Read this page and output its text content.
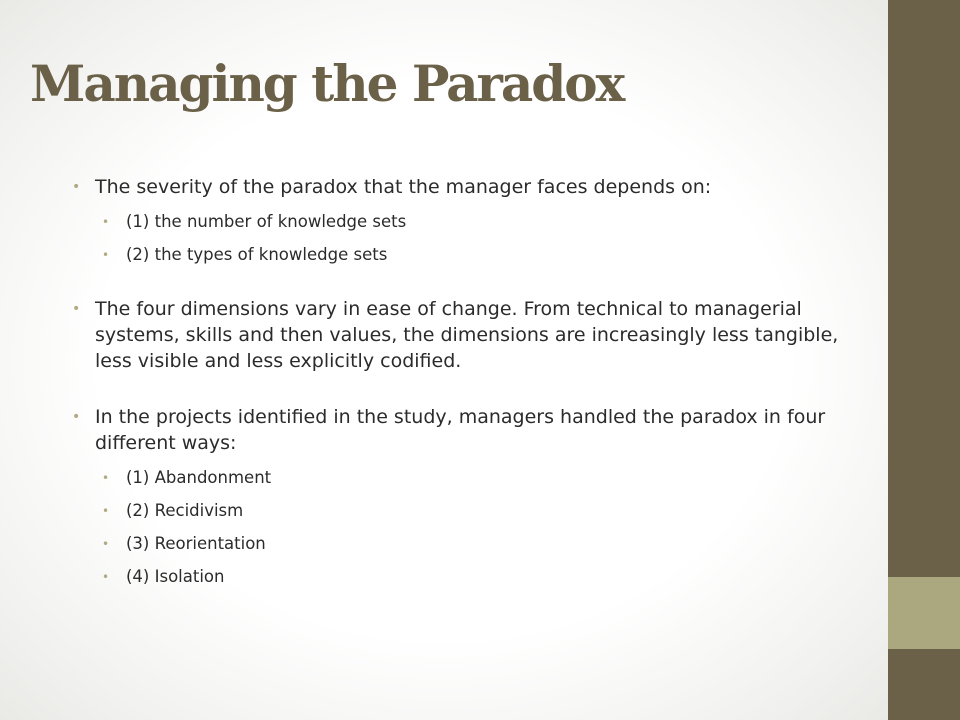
Managing the Paradox

• The severity of the paradox that the manager faces depends on:

• (1) the number of knowledge sets

• (2) the types of knowledge sets

• The four dimensions vary in ease of change. From technical to managerial systems, skills and then values, the dimensions are increasingly less tangible, less visible and less explicitly codified.

• In the projects identified in the study, managers handled the paradox in four different ways:

• (1) Abandonment

• (2) Recidivism

• (3) Reorientation

• (4) Isolation
